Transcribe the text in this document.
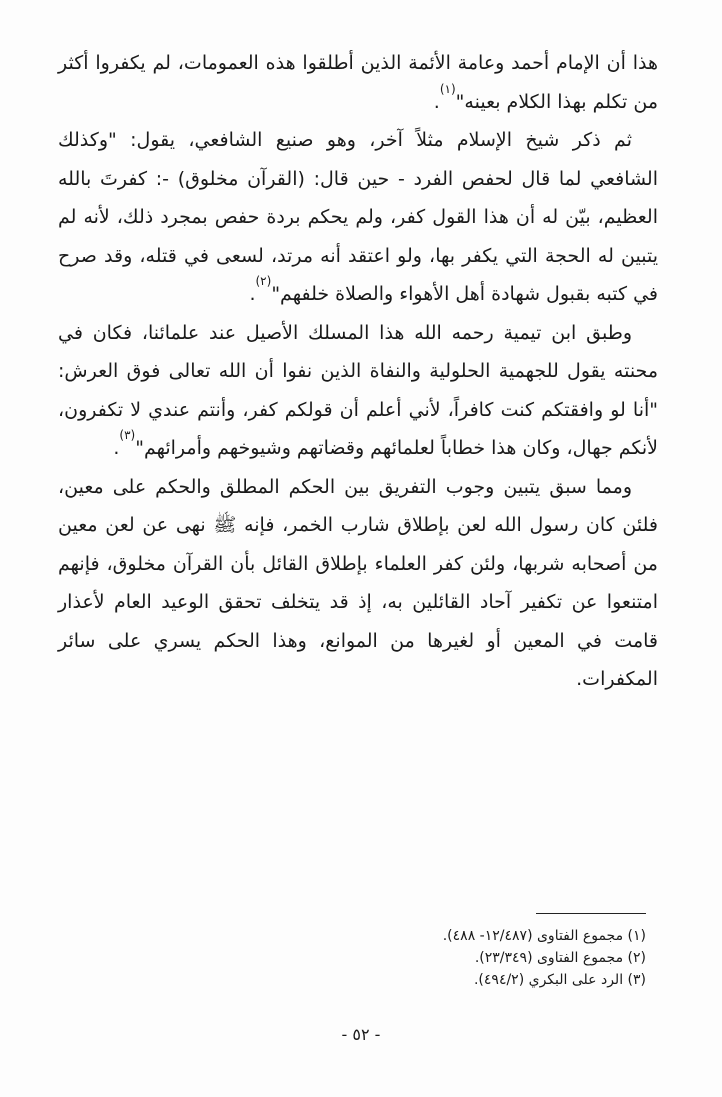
هذا أن الإمام أحمد وعامة الأئمة الذين أطلقوا هذه العمومات، لم يكفروا أكثر من تكلم بهذا الكلام بعينه"$^{(١)}$.

ثم ذكر شيخ الإسلام مثلاً آخر، وهو صنيع الشافعي، يقول: "وكذلك الشافعي لما قال لحفص الفرد - حين قال: (القرآن مخلوق) -: كفرتَ بالله العظيم، بيّن له أن هذا القول كفر، ولم يحكم بردة حفص بمجرد ذلك، لأنه لم يتبين له الحجة التي يكفر بها، ولو اعتقد أنه مرتد، لسعى في قتله، وقد صرح في كتبه بقبول شهادة أهل الأهواء والصلاة خلفهم"$^{(٢)}$.

وطبق ابن تيمية رحمه الله هذا المسلك الأصيل عند علمائنا، فكان في محنته يقول للجهمية الحلولية والنفاة الذين نفوا أن الله تعالى فوق العرش: "أنا لو وافقتكم كنت كافراً، لأني أعلم أن قولكم كفر، وأنتم عندي لا تكفرون، لأنكم جهال، وكان هذا خطاباً لعلمائهم وقضاتهم وشيوخهم وأمرائهم"$^{(٣)}$.

ومما سبق يتبين وجوب التفريق بين الحكم المطلق والحكم على معين، فلئن كان رسول الله لعن بإطلاق شارب الخمر، فإنه ﷺ نهى عن لعن معين من أصحابه شربها، ولئن كفر العلماء بإطلاق القائل بأن القرآن مخلوق، فإنهم امتنعوا عن تكفير آحاد القائلين به، إذ قد يتخلف تحقق الوعيد العام لأعذار قامت في المعين أو لغيرها من الموانع، وهذا الحكم يسري على سائر المكفرات.

(١) مجموع الفتاوى (١٢/٤٨٧- ٤٨٨).
(٢) مجموع الفتاوى (٢٣/٣٤٩).
(٣) الرد على البكري (٤٩٤/٢).
- ٥٢ -
